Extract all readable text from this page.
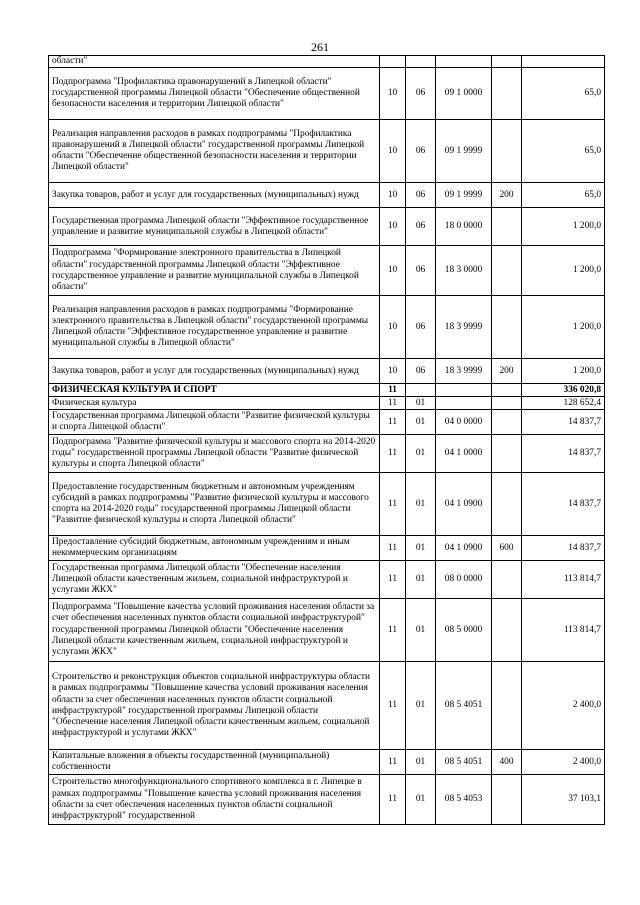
261
области"					
Подпрограмма "Профилактика правонарушений в Липецкой области" государственной программы Липецкой области "Обеспечение общественной безопасности населения и территории Липецкой области"	10	06	09 1 0000		65,0
Реализация направления расходов в рамках подпрограммы "Профилактика правонарушений в Липецкой области" государственной программы Липецкой области "Обеспечение общественной безопасности населения и территории Липецкой области"	10	06	09 1 9999		65,0
Закупка товаров, работ и услуг для государственных (муниципальных) нужд	10	06	09 1 9999	200	65,0
Государственная программа Липецкой области "Эффективное государственное управление и развитие муниципальной службы в Липецкой области"	10	06	18 0 0000		1 200,0
Подпрограмма "Формирование электронного правительства в Липецкой области" государственной программы Липецкой области "Эффективное государственное управление и развитие муниципальной службы в Липецкой области"	10	06	18 3 0000		1 200,0
Реализация направления расходов в рамках подпрограммы "Формирование электронного правительства в Липецкой области" государственной программы Липецкой области "Эффективное государственное управление и развитие муниципальной службы в Липецкой области"	10	06	18 3 9999		1 200,0
Закупка товаров, работ и услуг для государственных (муниципальных) нужд	10	06	18 3 9999	200	1 200,0
ФИЗИЧЕСКАЯ КУЛЬТУРА И СПОРТ	11				336 020,8
Физическая культура	11	01			128 652,4
Государственная программа Липецкой области "Развитие физической культуры и спорта Липецкой области"	11	01	04 0 0000		14 837,7
Подпрограмма "Развитие физической культуры и массового спорта на 2014-2020 годы" государственной программы Липецкой области "Развитие физической культуры и спорта Липецкой области"	11	01	04 1 0000		14 837,7
Предоставление государственным бюджетным и автономным учреждениям субсидий в рамках подпрограммы "Развитие физической культуры и массового спорта на 2014-2020 годы" государственной программы Липецкой области "Развитие физической культуры и спорта Липецкой области"	11	01	04 1 0900		14 837,7
Предоставление субсидий бюджетным, автономным учреждениям и иным некоммерческим организациям	11	01	04 1 0900	600	14 837,7
Государственная программа Липецкой области "Обеспечение населения Липецкой области качественным жильем, социальной инфраструктурой и услугами ЖКХ"	11	01	08 0 0000		113 814,7
Подпрограмма "Повышение качества условий проживания населения области за счет обеспечения населенных пунктов области социальной инфраструктурой" государственной программы Липецкой области "Обеспечение населения Липецкой области качественным жильем, социальной инфраструктурой и услугами ЖКХ"	11	01	08 5 0000		113 814,7
Строительство и реконструкция объектов социальной инфраструктуры области в рамках подпрограммы "Повышение качества условий проживания населения области за счет обеспечения населенных пунктов области социальной инфраструктурой" государственной программы Липецкой области "Обеспечение населения Липецкой области качественным жильем, социальной инфраструктурой и услугами ЖКХ"	11	01	08 5 4051		2 400,0
Капитальные вложения в объекты государственной (муниципальной) собственности	11	01	08 5 4051	400	2 400,0
Строительство многофункционального спортивного комплекса в г. Липецке в рамках подпрограммы "Повышение качества условий проживания населения области за счет обеспечения населенных пунктов области социальной инфраструктурой" государственной	11	01	08 5 4053		37 103,1
